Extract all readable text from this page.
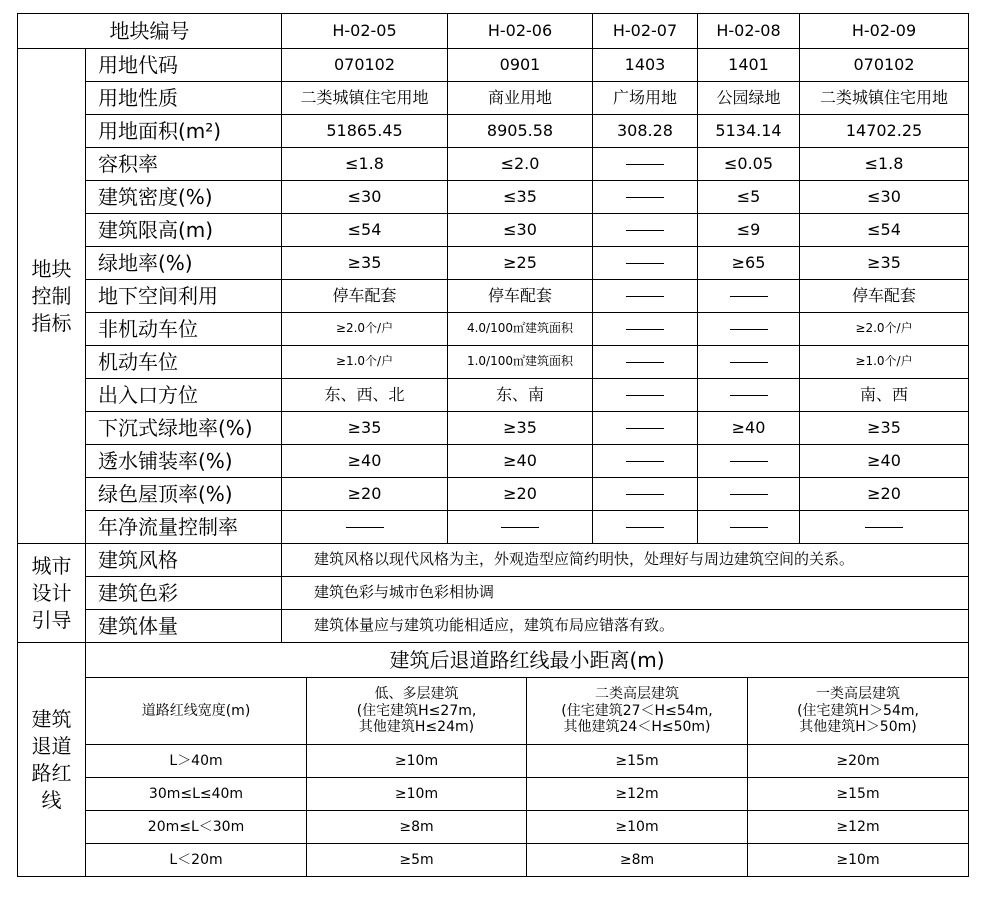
地块编号		H-02-05	H-02-06	H-02-07	H-02-08	H-02-09

地块
控制
指标	用地代码	070102	0901	1403	1401	070102
	用地性质	二类城镇住宅用地	商业用地	广场用地	公园绿地	二类城镇住宅用地
	用地面积(m²)	51865.45	8905.58	308.28	5134.14	14702.25
	容积率	≤1.8	≤2.0		≤0.05	≤1.8
	建筑密度(%)	≤30	≤35		≤5	≤30
	建筑限高(m)	≤54	≤30		≤9	≤54
	绿地率(%)	≥35	≥25		≥65	≥35
	地下空间利用	停车配套	停车配套			停车配套
	非机动车位	≥2.0个/户	4.0/100㎡建筑面积			≥2.0个/户
	机动车位	≥1.0个/户	1.0/100㎡建筑面积			≥1.0个/户
	出入口方位	东、西、北	东、南			南、西
	下沉式绿地率(%)	≥35	≥35		≥40	≥35
	透水铺装率(%)	≥40	≥40			≥40
	绿色屋顶率(%)	≥20	≥20			≥20
	年净流量控制率					

城市
设计
引导	建筑风格	建筑风格以现代风格为主，外观造型应简约明快，处理好与周边建筑空间的关系。				
	建筑色彩	建筑色彩与城市色彩相协调				
	建筑体量	建筑体量应与建筑功能相适应，建筑布局应错落有致。				
建筑
退道
路红
线	建筑后退道路红线最小距离(m)			
	道路红线宽度(m)	低、多层建筑
(住宅建筑H≤27m,
其他建筑H≤24m)	二类高层建筑
(住宅建筑27＜H≤54m,
其他建筑24＜H≤50m)	一类高层建筑
(住宅建筑H＞54m,
其他建筑H＞50m)

	L＞40m	≥10m	≥15m	≥20m
	30m≤L≤40m	≥10m	≥12m	≥15m
	20m≤L＜30m	≥8m	≥10m	≥12m
	L＜20m	≥5m	≥8m	≥10m
